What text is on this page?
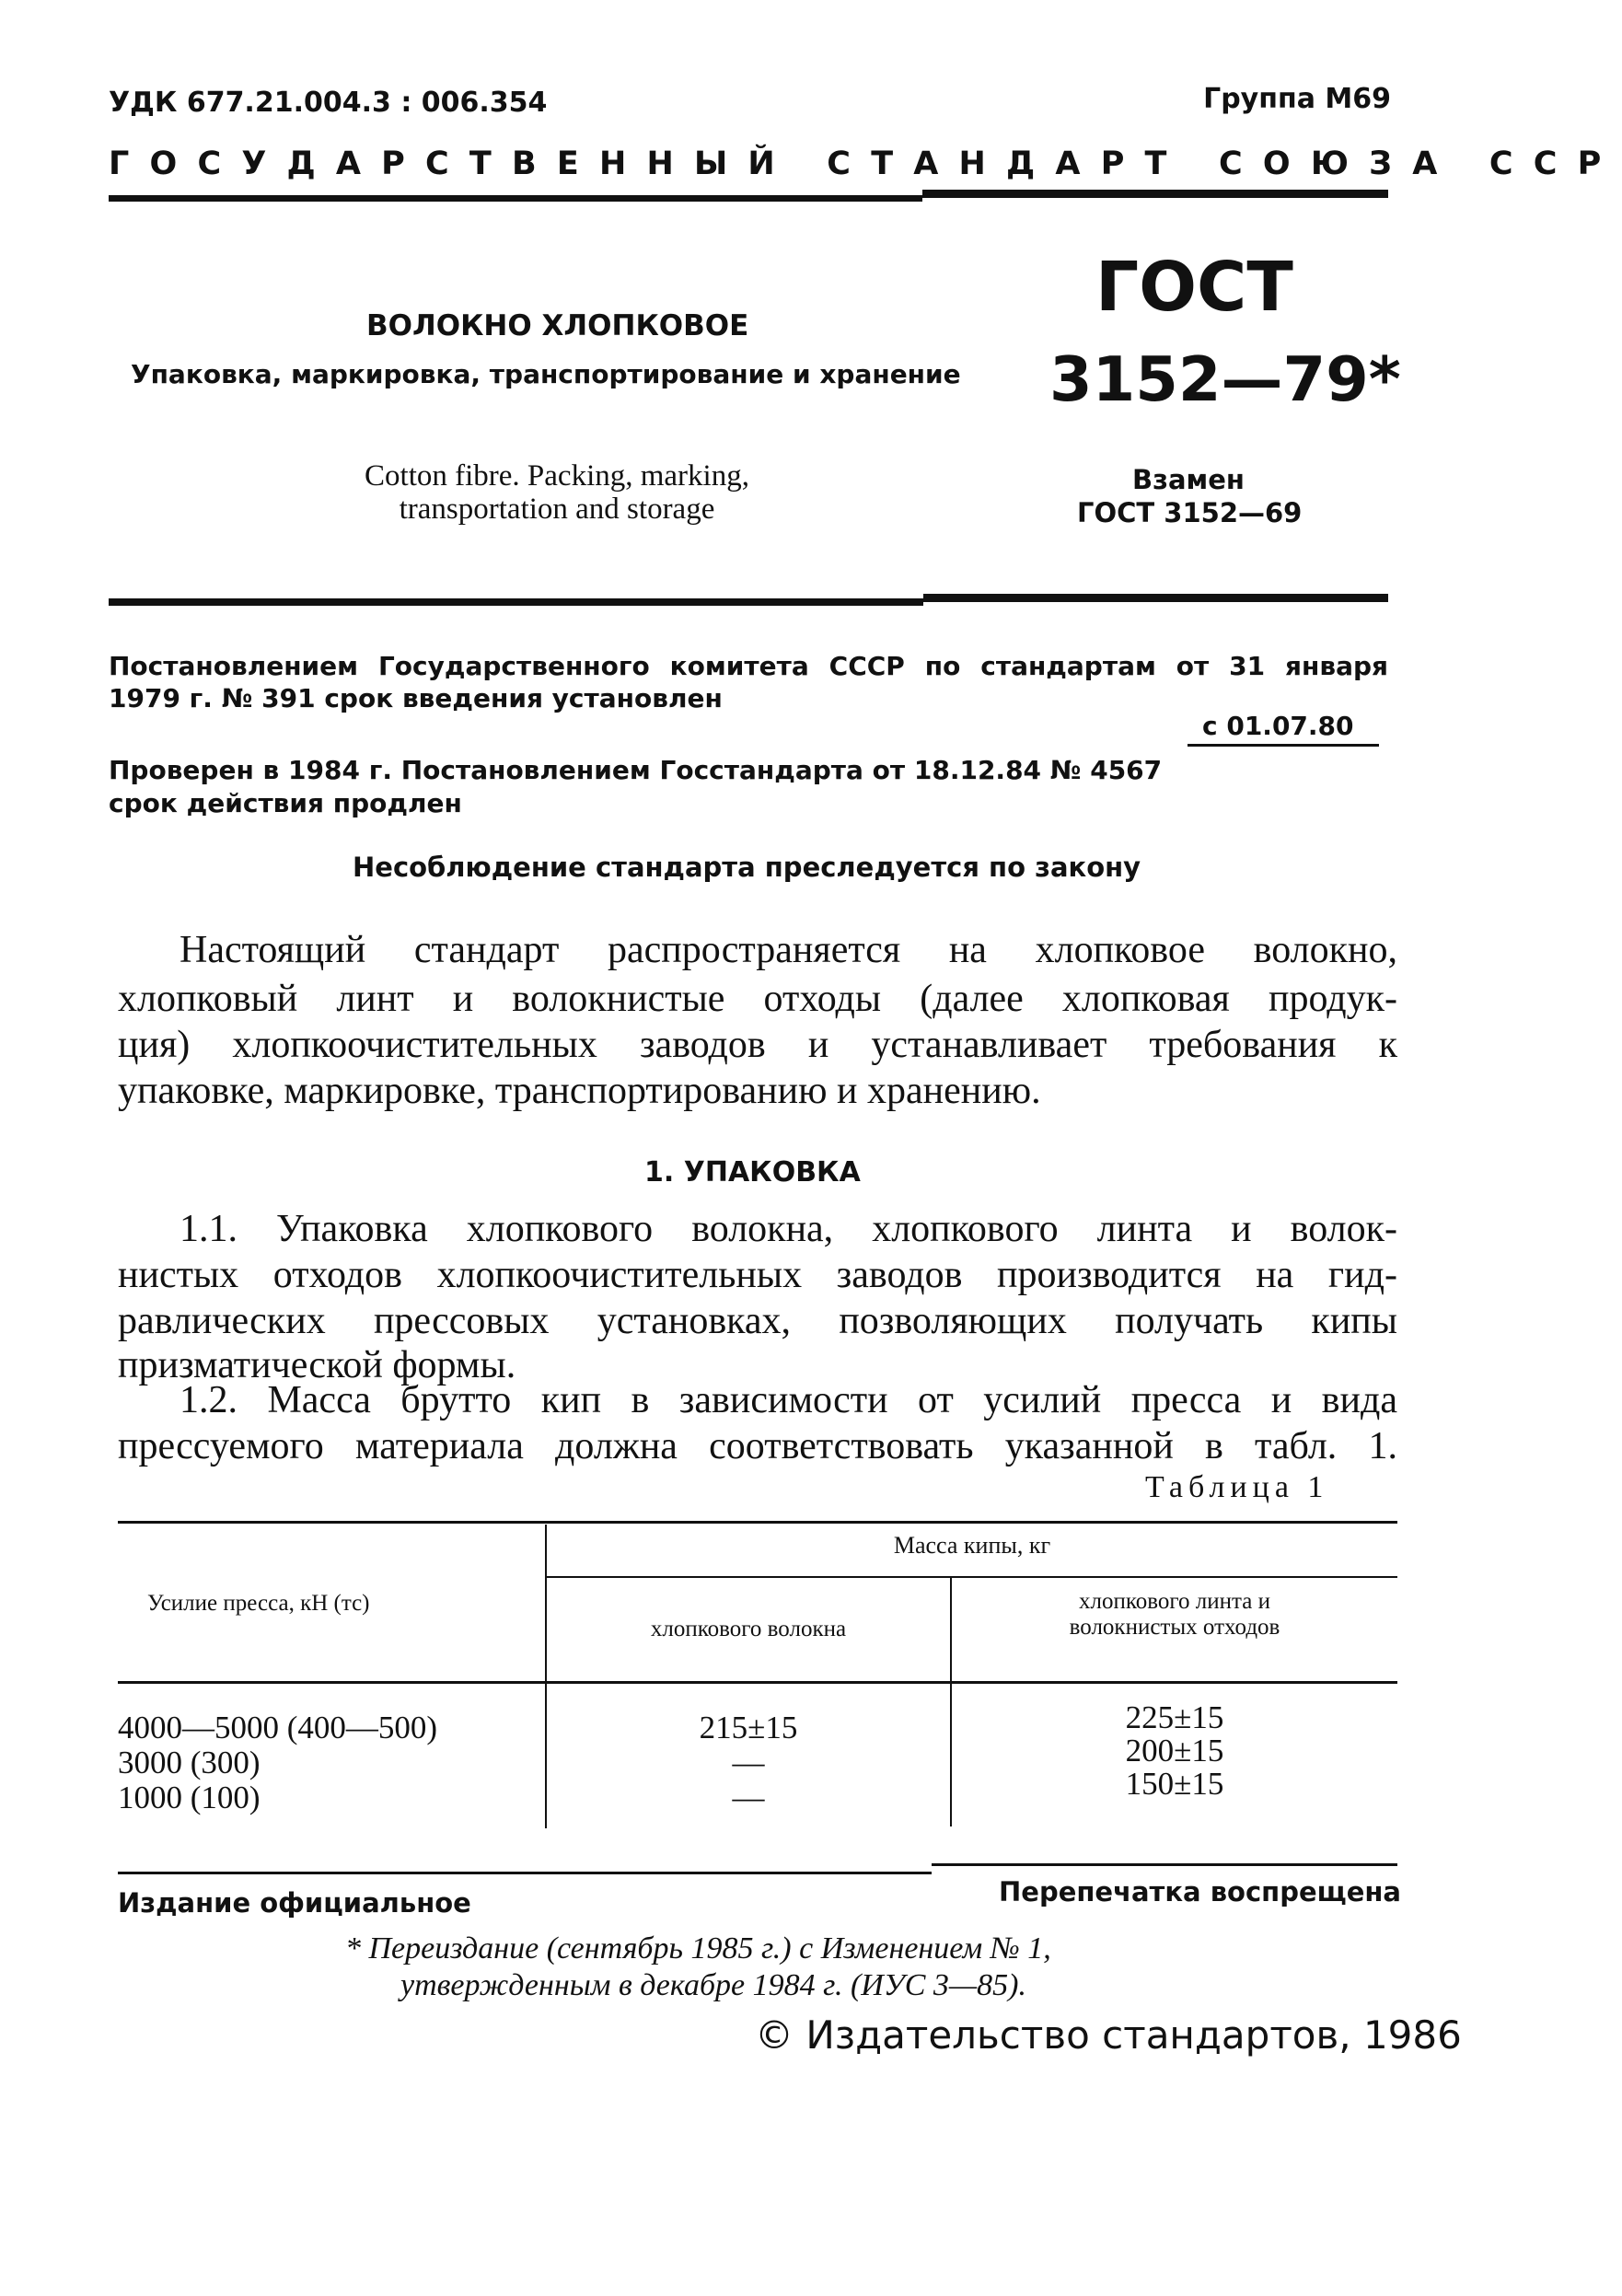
УДК 677.21.004.3 : 006.354	Группа М69
ГОСУДАРСТВЕННЫЙ СТАНДАРТ СОЮЗА ССР
ВОЛОКНО ХЛОПКОВОЕ
Упаковка, маркировка, транспортирование и хранение
Cotton fibre. Packing, marking,
transportation and storage
ГОСТ
3152—79*
Взамен
ГОСТ 3152—69
Постановлением Государственного комитета СССР по стандартам от 31 января
1979 г. № 391 срок введения установлен
с 01.07.80
Проверен в 1984 г. Постановлением Госстандарта от 18.12.84 № 4567
срок действия продлен
Несоблюдение стандарта преследуется по закону
Настоящий стандарт распространяется на хлопковое волокно,
хлопковый линт и волокнистые отходы (далее хлопковая продук-
ция) хлопкоочистительных заводов и устанавливает требования к
упаковке, маркировке, транспортированию и хранению.
1. УПАКОВКА
1.1. Упаковка хлопкового волокна, хлопкового линта и волок-
нистых отходов хлопкоочистительных заводов производится на гид-
равлических прессовых установках, позволяющих получать кипы
призматической формы.
1.2. Масса брутто кип в зависимости от усилий пресса и вида
прессуемого материала должна соответствовать указанной в табл. 1.
Таблица 1
Усилие пресса, кН (тс)
Масса кипы, кг
хлопкового волокна
хлопкового линта и
волокнистых отходов
4000—5000 (400—500)
3000 (300)
1000 (100)
215±15
—
—
225±15
200±15
150±15
Издание официальное	Перепечатка воспрещена
* Переиздание (сентябрь 1985 г.) с Изменением № 1,
утвержденным в декабре 1984 г. (ИУС 3—85).
© Издательство стандартов, 1986
